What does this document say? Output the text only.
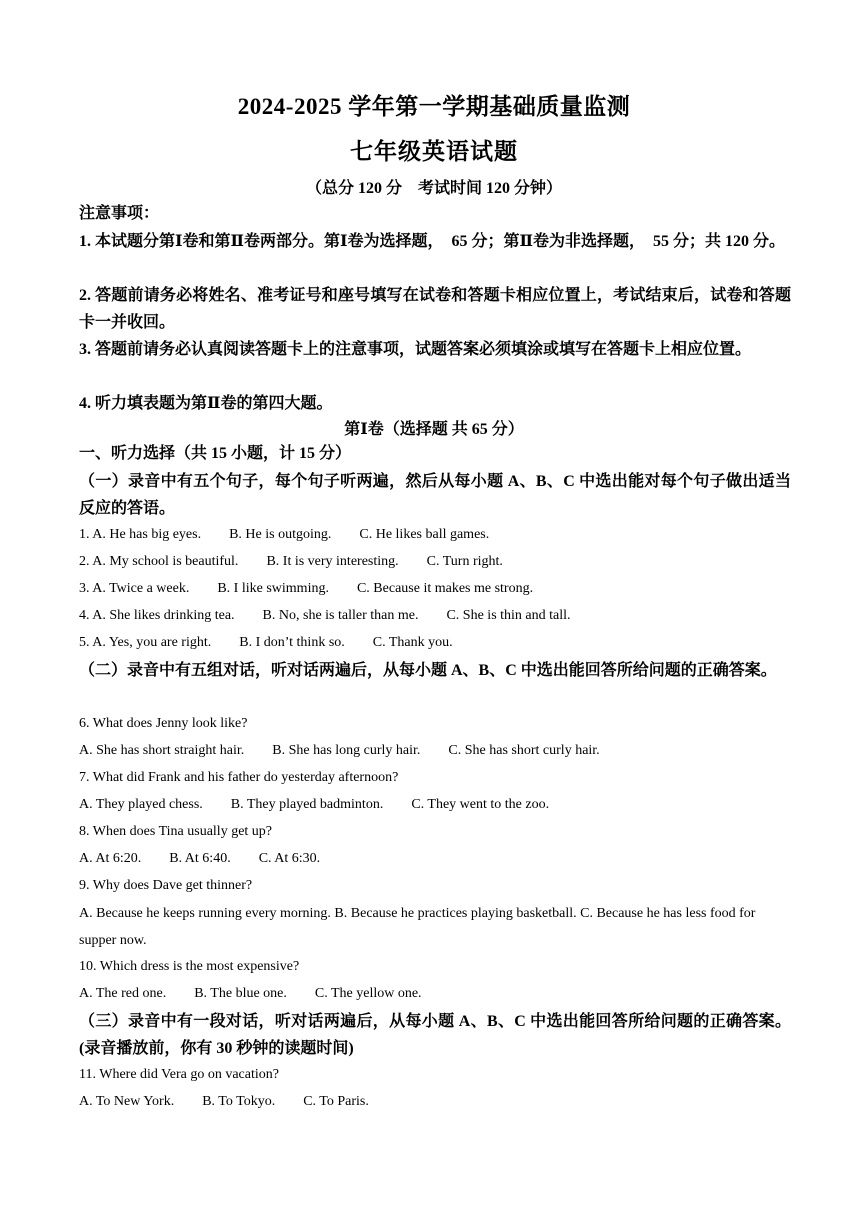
2024-2025 学年第一学期基础质量监测
七年级英语试题
（总分 120 分　考试时间 120 分钟）
注意事项：
1. 本试题分第Ⅰ卷和第Ⅱ卷两部分。第Ⅰ卷为选择题，　65 分；第Ⅱ卷为非选择题，　55 分；共 120 分。
2. 答题前请务必将姓名、准考证号和座号填写在试卷和答题卡相应位置上，考试结束后，试卷和答题卡一并收回。
3. 答题前请务必认真阅读答题卡上的注意事项，试题答案必须填涂或填写在答题卡上相应位置。
4. 听力填表题为第Ⅱ卷的第四大题。
第Ⅰ卷（选择题 共 65 分）
一、听力选择（共 15 小题，计 15 分）
（一）录音中有五个句子，每个句子听两遍，然后从每小题 A、B、C 中选出能对每个句子做出适当反应的答语。
1. A. He has big eyes. B. He is outgoing. C. He likes ball games.
2. A. My school is beautiful. B. It is very interesting. C. Turn right.
3. A. Twice a week. B. I like swimming. C. Because it makes me strong.
4. A. She likes drinking tea. B. No, she is taller than me. C. She is thin and tall.
5. A. Yes, you are right. B. I don’t think so. C. Thank you.
（二）录音中有五组对话，听对话两遍后，从每小题 A、B、C 中选出能回答所给问题的正确答案。
6. What does Jenny look like?
A. She has short straight hair. B. She has long curly hair. C. She has short curly hair.
7. What did Frank and his father do yesterday afternoon?
A. They played chess. B. They played badminton. C. They went to the zoo.
8. When does Tina usually get up?
A. At 6:20. B. At 6:40. C. At 6:30.
9. Why does Dave get thinner?
A. Because he keeps running every morning. B. Because he practices playing basketball. C. Because he has less food for supper now.
10. Which dress is the most expensive?
A. The red one. B. The blue one. C. The yellow one.
（三）录音中有一段对话，听对话两遍后，从每小题 A、B、C 中选出能回答所给问题的正确答案。(录音播放前，你有 30 秒钟的读题时间)
11. Where did Vera go on vacation?
A. To New York. B. To Tokyo. C. To Paris.
